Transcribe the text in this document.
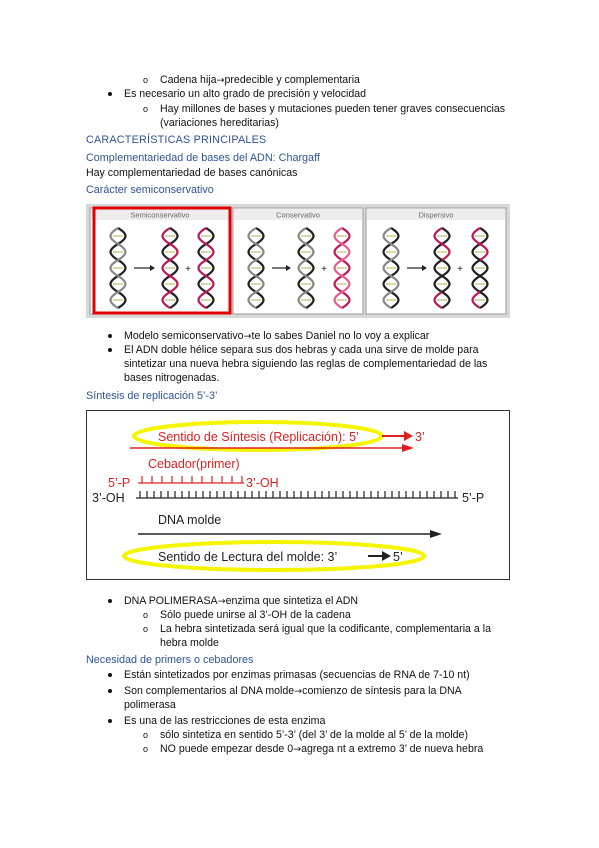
o Cadena hija→predecible y complementaria
Es necesario un alto grado de precisión y velocidad
o Hay millones de bases y mutaciones pueden tener graves consecuencias
(variaciones hereditarias)
CARACTERÍSTICAS PRINCIPALES
Complementariedad de bases del ADN: Chargaff
Hay complementariedad de bases canónicas
Carácter semiconservativo
Semiconservativo	Conservativo	Dispersivo
+	+	+
Modelo semiconservativo→te lo sabes Daniel no lo voy a explicar
El ADN doble hélice separa sus dos hebras y cada una sirve de molde para
sintetizar una nueva hebra siguiendo las reglas de complementariedad de las
bases nitrogenadas.
Síntesis de replicación 5’-3’
Sentido de Síntesis (Replicación): 5’	3’
Cebador(primer)
5’-P	3’-OH
3’-OH	5’-P
DNA molde
Sentido de Lectura del molde: 3’	5’
DNA POLIMERASA→enzima que sintetiza el ADN
o Sólo puede unirse al 3’-OH de la cadena
o La hebra sintetizada será igual que la codificante, complementaria a la
hebra molde
Necesidad de primers o cebadores
Están sintetizados por enzimas primasas (secuencias de RNA de 7-10 nt)
Son complementarios al DNA molde→comienzo de síntesis para la DNA
polimerasa
Es una de las restricciones de esta enzima
o sólo sintetiza en sentido 5’-3’ (del 3’ de la molde al 5’ de la molde)
o NO puede empezar desde 0→agrega nt a extremo 3’ de nueva hebra
